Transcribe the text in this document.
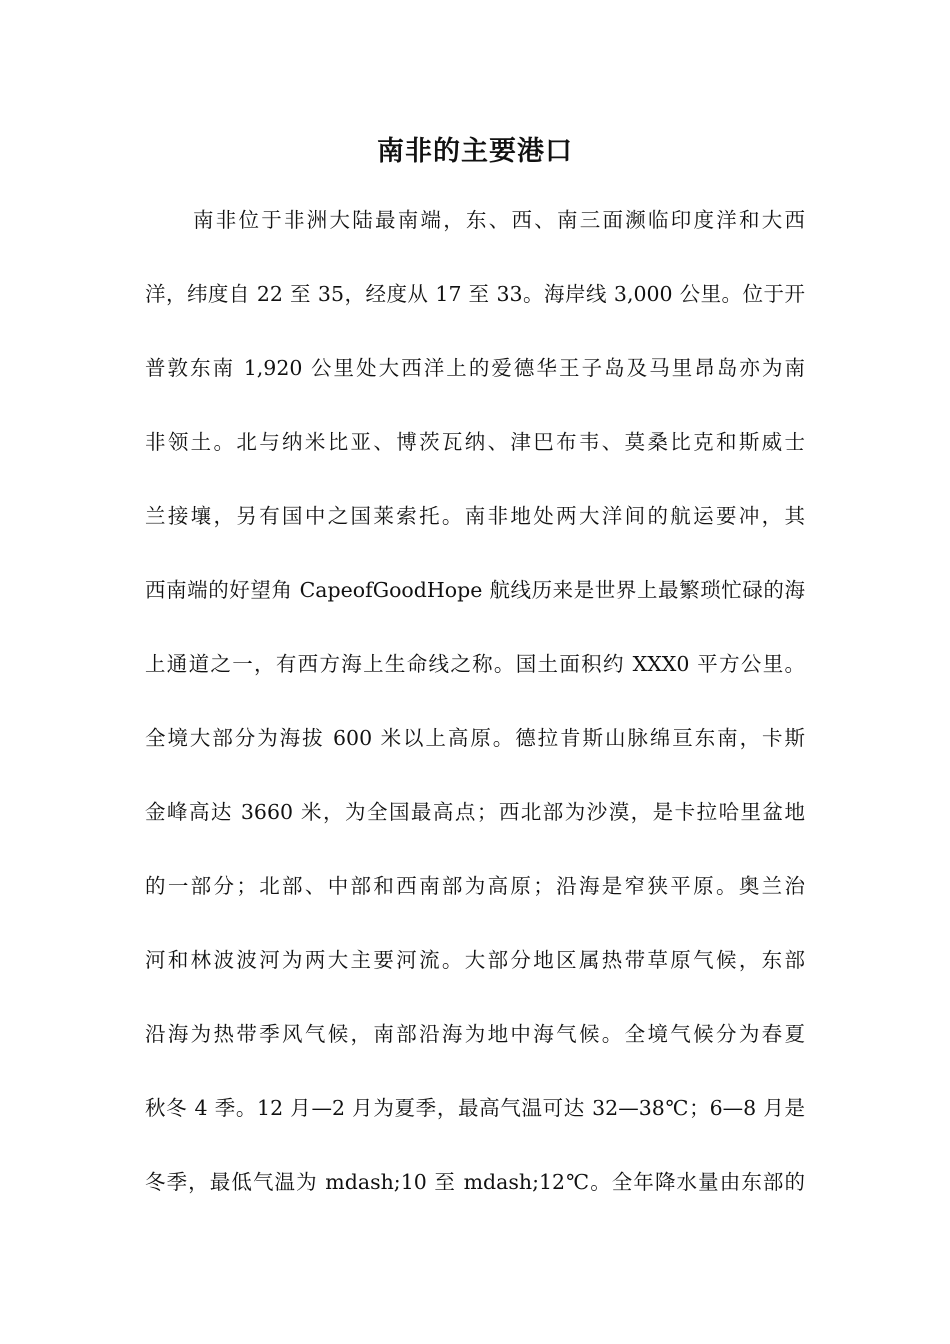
南非的主要港口
南非位于非洲大陆最南端，东、西、南三面濒临印度洋和大西
洋，纬度自 22 至 35，经度从 17 至 33。海岸线 3,000 公里。位于开
普敦东南 1,920 公里处大西洋上的爱德华王子岛及马里昂岛亦为南
非领土。北与纳米比亚、博茨瓦纳、津巴布韦、莫桑比克和斯威士
兰接壤，另有国中之国莱索托。南非地处两大洋间的航运要冲，其
西南端的好望角 CapeofGoodHope 航线历来是世界上最繁琐忙碌的海
上通道之一，有西方海上生命线之称。国土面积约 XXX0 平方公里。
全境大部分为海拔 600 米以上高原。德拉肯斯山脉绵亘东南，卡斯
金峰高达 3660 米，为全国最高点；西北部为沙漠，是卡拉哈里盆地
的一部分；北部、中部和西南部为高原；沿海是窄狭平原。奥兰治
河和林波波河为两大主要河流。大部分地区属热带草原气候，东部
沿海为热带季风气候，南部沿海为地中海气候。全境气候分为春夏
秋冬 4 季。12 月—2 月为夏季，最高气温可达 32—38℃；6—8 月是
冬季，最低气温为 mdash;10 至 mdash;12℃。全年降水量由东部的
